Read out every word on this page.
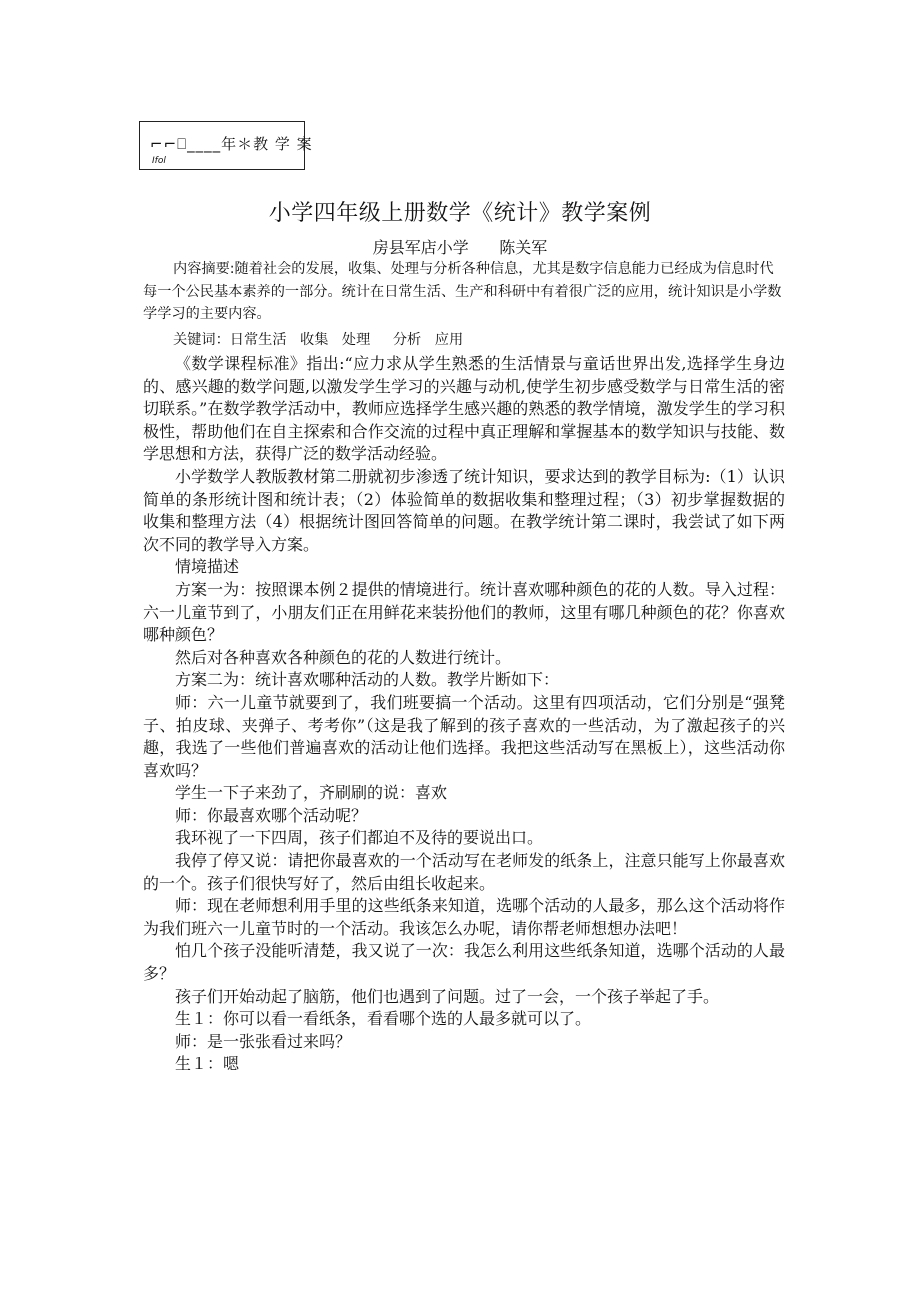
⌐⌐⎕____年＊教 学 案
Ifol
小学四年级上册数学《统计》教学案例
房县军店小学      陈关军
内容摘要:随着社会的发展，收集、处理与分析各种信息，尤其是数字信息能力已经成为信息时代每一个公民基本素养的一部分。统计在日常生活、生产和科研中有着很广泛的应用，统计知识是小学数学学习的主要内容。
关键词：日常生活   收集   处理     分析   应用

《数学课程标准》指出:“应力求从学生熟悉的生活情景与童话世界出发,选择学生身边的、感兴趣的数学问题,以激发学生学习的兴趣与动机,使学生初步感受数学与日常生活的密切联系。”在数学教学活动中，教师应选择学生感兴趣的熟悉的教学情境，激发学生的学习积极性，帮助他们在自主探索和合作交流的过程中真正理解和掌握基本的数学知识与技能、数学思想和方法，获得广泛的数学活动经验。

小学数学人教版教材第二册就初步渗透了统计知识，要求达到的教学目标为:（1）认识简单的条形统计图和统计表；（2）体验简单的数据收集和整理过程；（3）初步掌握数据的收集和整理方法（4）根据统计图回答简单的问题。在教学统计第二课时，我尝试了如下两次不同的教学导入方案。

情境描述

方案一为：按照课本例２提供的情境进行。统计喜欢哪种颜色的花的人数。导入过程：六一儿童节到了，小朋友们正在用鲜花来装扮他们的教师，这里有哪几种颜色的花？你喜欢哪种颜色？

然后对各种喜欢各种颜色的花的人数进行统计。

方案二为：统计喜欢哪种活动的人数。教学片断如下：

师：六一儿童节就要到了，我们班要搞一个活动。这里有四项活动，它们分别是“强凳子、拍皮球、夹弹子、考考你”（这是我了解到的孩子喜欢的一些活动，为了激起孩子的兴趣，我选了一些他们普遍喜欢的活动让他们选择。我把这些活动写在黑板上），这些活动你喜欢吗？

学生一下子来劲了，齐刷刷的说：喜欢

师：你最喜欢哪个活动呢？

我环视了一下四周，孩子们都迫不及待的要说出口。

我停了停又说：请把你最喜欢的一个活动写在老师发的纸条上，注意只能写上你最喜欢的一个。孩子们很快写好了，然后由组长收起来。

师：现在老师想利用手里的这些纸条来知道，选哪个活动的人最多，那么这个活动将作为我们班六一儿童节时的一个活动。我该怎么办呢，请你帮老师想想办法吧！

怕几个孩子没能听清楚，我又说了一次：我怎么利用这些纸条知道，选哪个活动的人最多？

孩子们开始动起了脑筋，他们也遇到了问题。过了一会，一个孩子举起了手。

生１：你可以看一看纸条，看看哪个选的人最多就可以了。

师：是一张张看过来吗？

生１：嗯
